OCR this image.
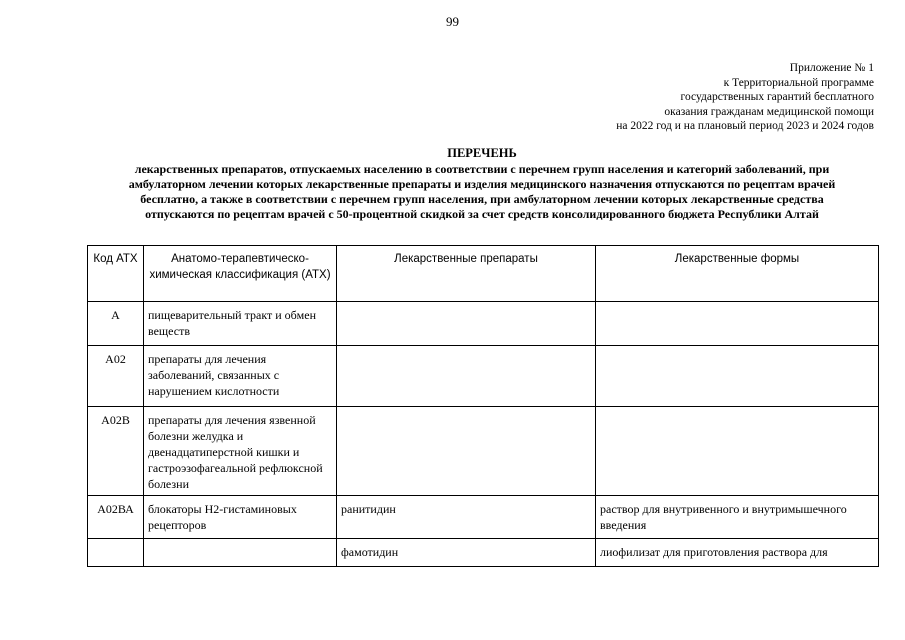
99
Приложение № 1
к Территориальной программе
государственных гарантий бесплатного
оказания гражданам медицинской помощи
на 2022 год и на плановый период 2023 и 2024 годов
ПЕРЕЧЕНЬ
лекарственных препаратов, отпускаемых населению в соответствии с перечнем групп населения и категорий заболеваний, при
амбулаторном лечении которых лекарственные препараты и изделия медицинского назначения отпускаются по рецептам врачей
бесплатно, а также в соответствии с перечнем групп населения, при амбулаторном лечении которых лекарственные средства
отпускаются по рецептам врачей с 50-процентной скидкой за счет средств консолидированного бюджета Республики Алтай
Код АТХ	Анатомо-терапевтическо-химическая классификация (АТХ)	Лекарственные препараты	Лекарственные формы
А	пищеварительный тракт и обмен веществ		
А02	препараты для лечения заболеваний, связанных с нарушением кислотности		
А02В	препараты для лечения язвенной болезни желудка и двенадцатиперстной кишки и гастроэзофагеальной рефлюксной болезни		
А02ВА	блокаторы Н2-гистаминовых рецепторов	ранитидин	раствор для внутривенного и внутримышечного введения
		фамотидин	лиофилизат для приготовления раствора для
